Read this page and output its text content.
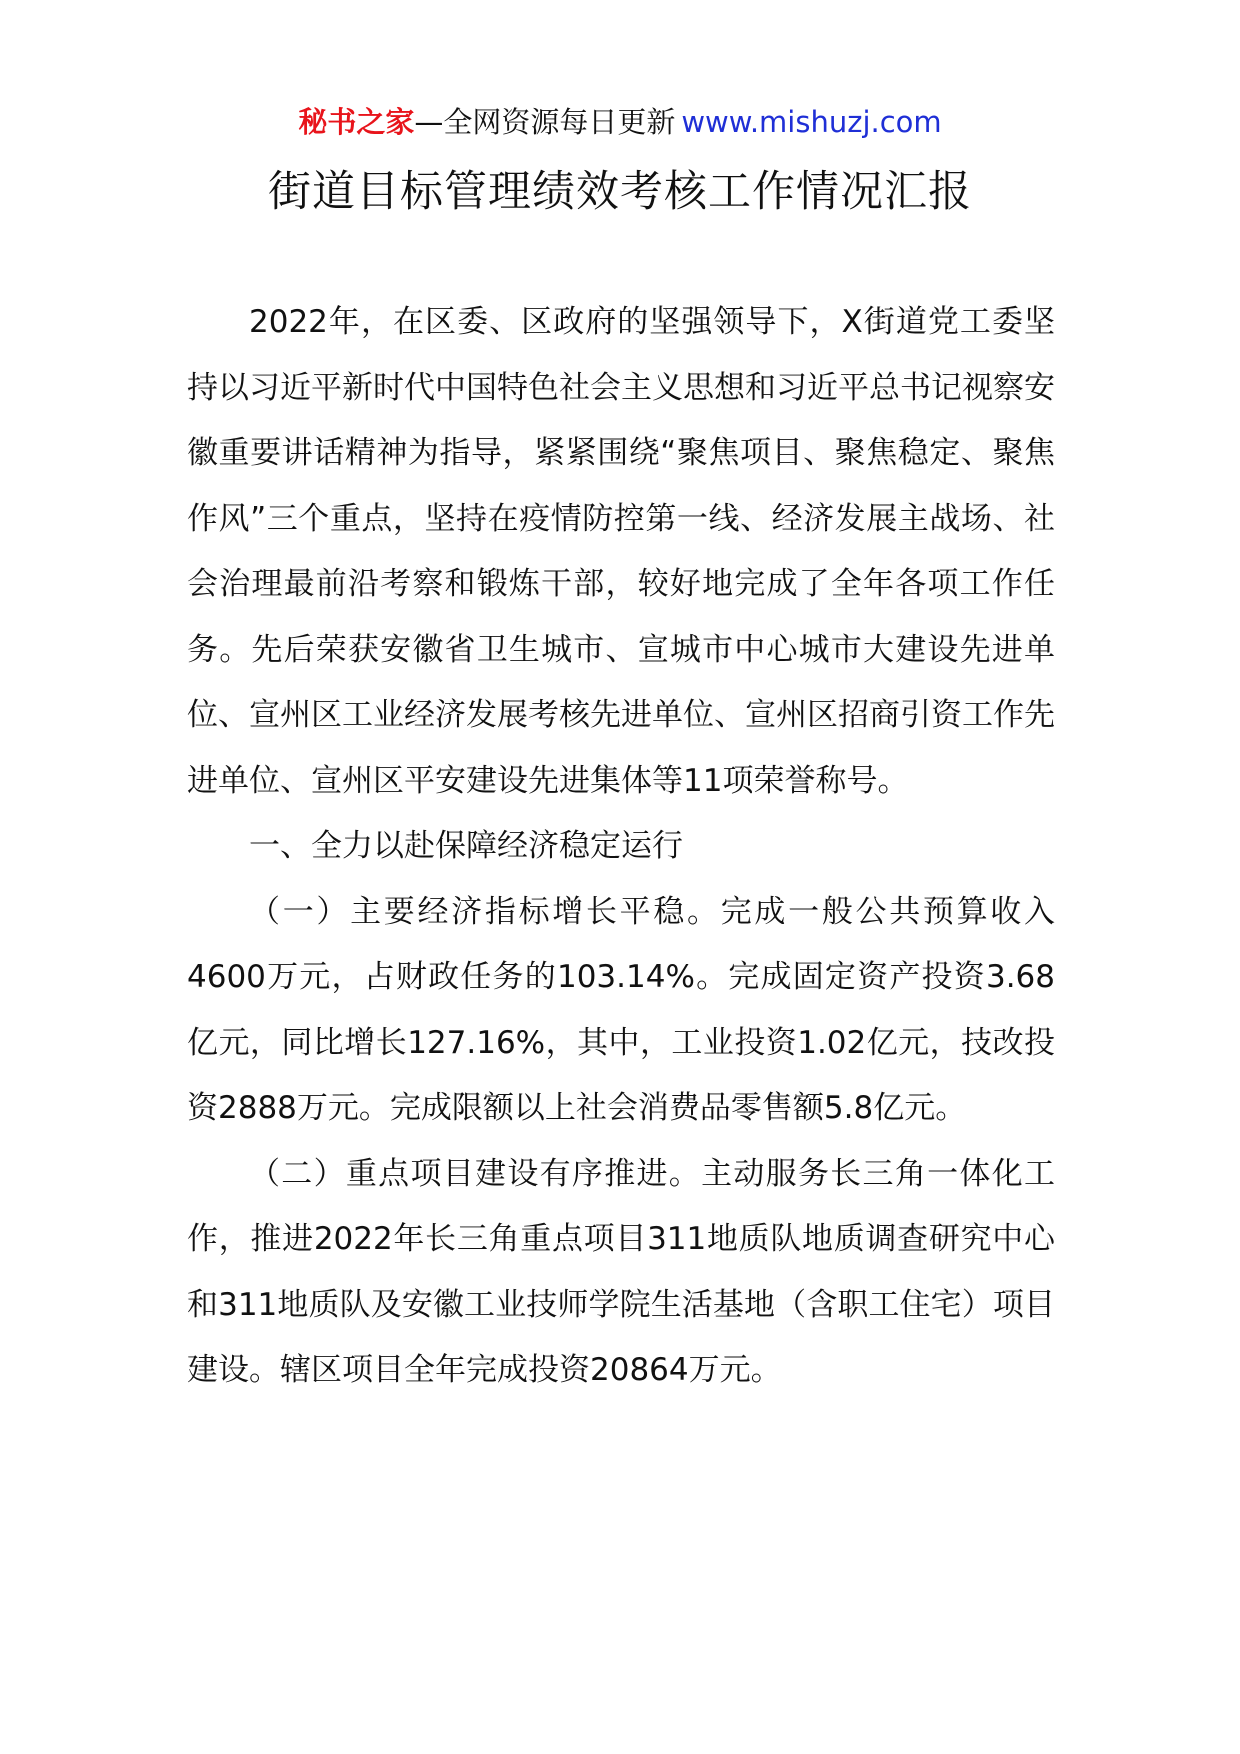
秘书之家—全网资源每日更新 www.mishuzj.com
街道目标管理绩效考核工作情况汇报

2022年，在区委、区政府的坚强领导下，X街道党工委坚持以习近平新时代中国特色社会主义思想和习近平总书记视察安徽重要讲话精神为指导，紧紧围绕“聚焦项目、聚焦稳定、聚焦作风”三个重点，坚持在疫情防控第一线、经济发展主战场、社会治理最前沿考察和锻炼干部，较好地完成了全年各项工作任务。先后荣获安徽省卫生城市、宣城市中心城市大建设先进单位、宣州区工业经济发展考核先进单位、宣州区招商引资工作先进单位、宣州区平安建设先进集体等11项荣誉称号。

一、全力以赴保障经济稳定运行

（一）主要经济指标增长平稳。完成一般公共预算收入4600万元，占财政任务的103.14%。完成固定资产投资3.68亿元，同比增长127.16%，其中，工业投资1.02亿元，技改投资2888万元。完成限额以上社会消费品零售额5.8亿元。

（二）重点项目建设有序推进。主动服务长三角一体化工作，推进2022年长三角重点项目311地质队地质调查研究中心和311地质队及安徽工业技师学院生活基地（含职工住宅）项目建设。辖区项目全年完成投资20864万元。
